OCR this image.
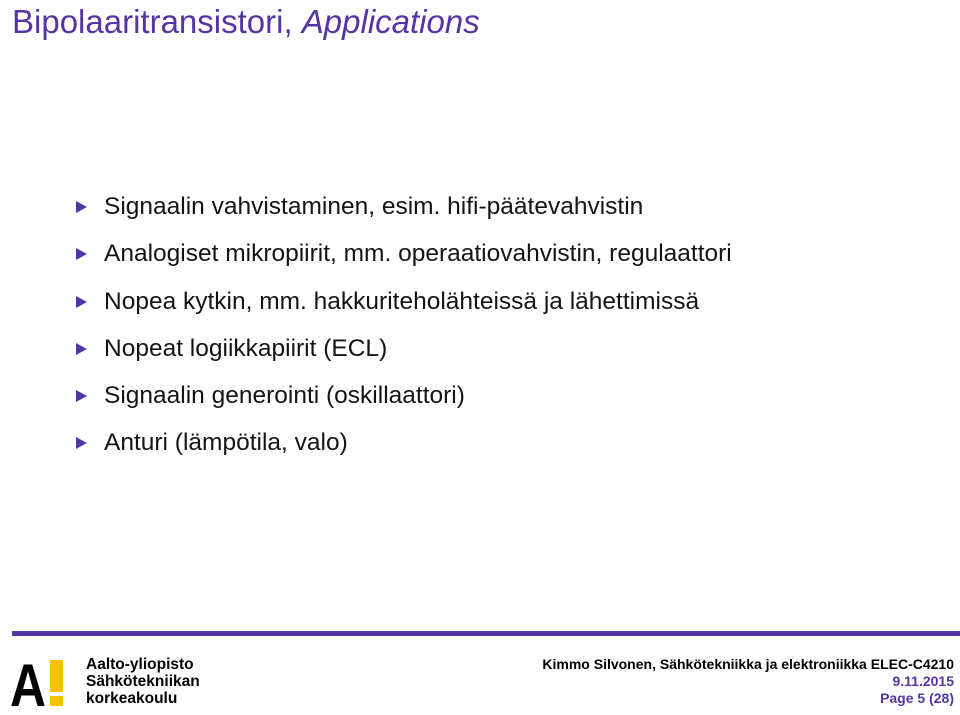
Bipolaaritransistori, Applications
Signaalin vahvistaminen, esim. hifi-päätevahvistin
Analogiset mikropiirit, mm. operaatiovahvistin, regulaattori
Nopea kytkin, mm. hakkuriteholähteissä ja lähettimissä
Nopeat logiikkapiirit (ECL)
Signaalin generointi (oskillaattori)
Anturi (lämpötila, valo)
A	Aalto-yliopisto
Sähkötekniikan
korkeakoulu
Kimmo Silvonen, Sähkötekniikka ja elektroniikka ELEC-C4210
9.11.2015
Page 5 (28)
